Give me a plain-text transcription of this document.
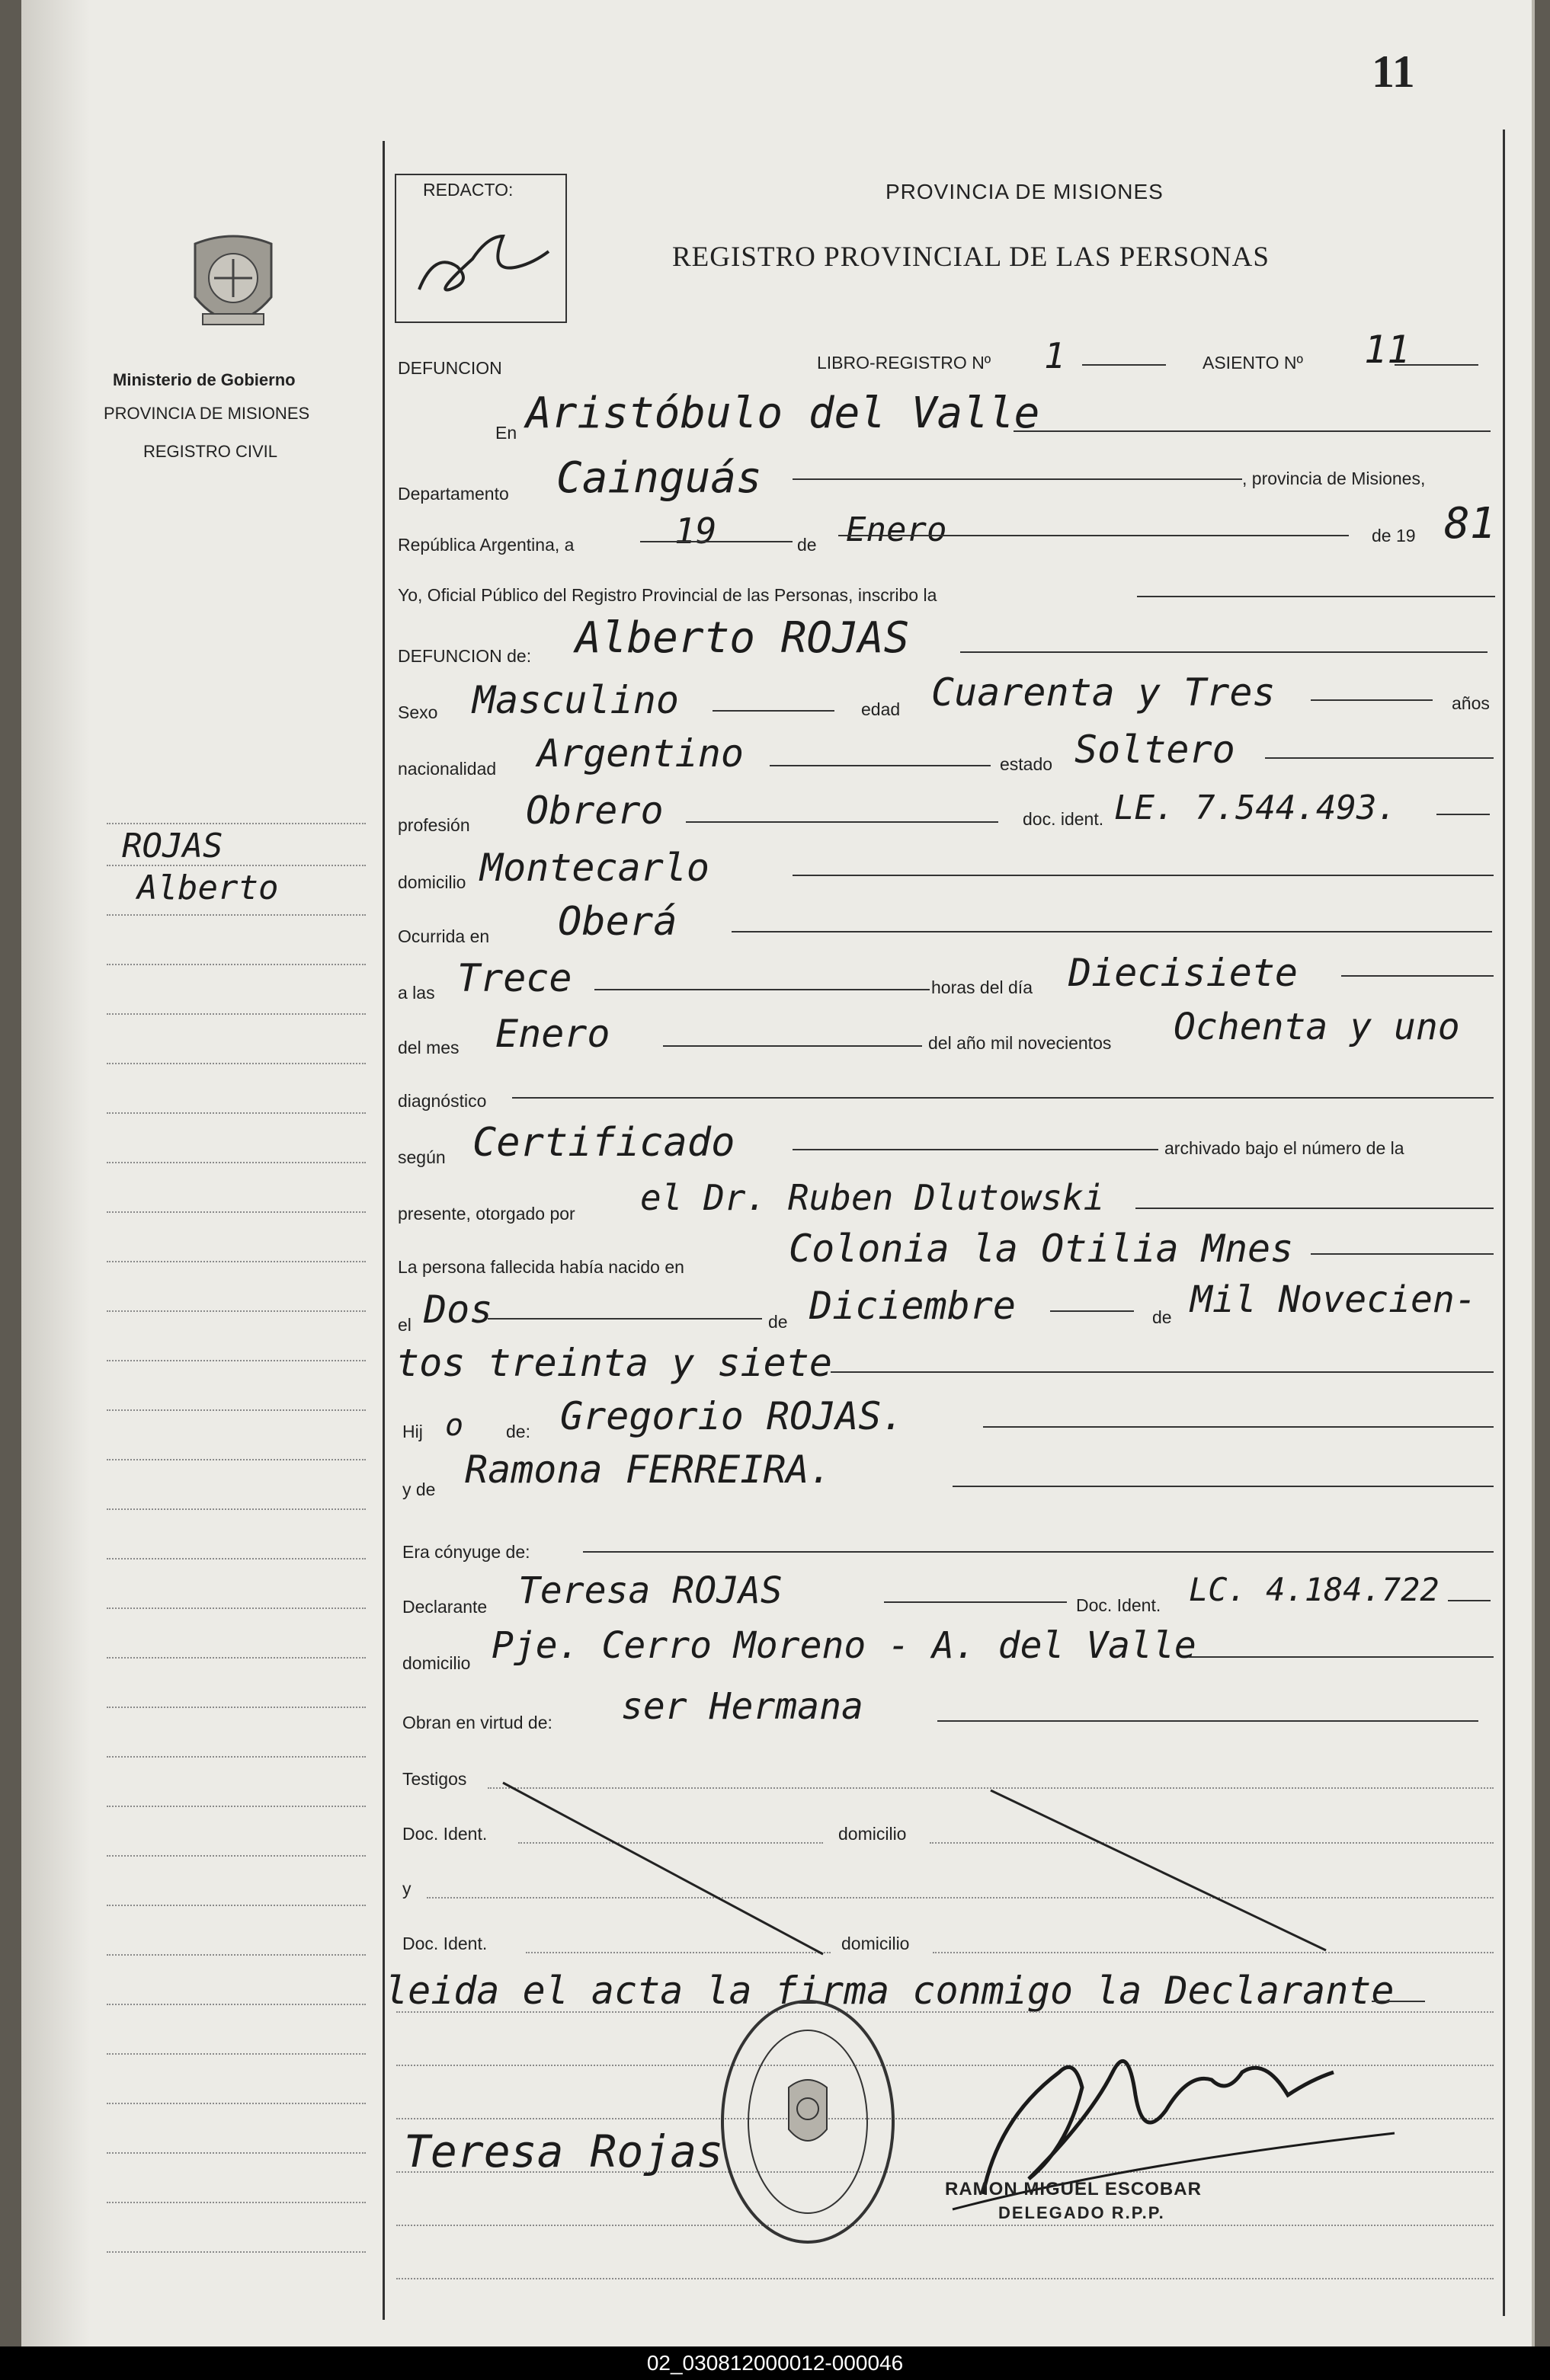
11
Ministerio de Gobierno
PROVINCIA DE MISIONES
REGISTRO CIVIL
ROJAS
Alberto
REDACTO:	PROVINCIA DE MISIONES
REGISTRO PROVINCIAL DE LAS PERSONAS
DEFUNCION	LIBRO-REGISTRO Nº 1	ASIENTO Nº 11
En Aristóbulo del Valle
Departamento Cainguás	, provincia de Misiones,
República Argentina, a	19	de Enero	de 19 81
Yo, Oficial Público del Registro Provincial de las Personas, inscribo la
DEFUNCION de: Alberto ROJAS
Sexo Masculino	edad Cuarenta y Tres	años
nacionalidad Argentino	estado Soltero
profesión Obrero	doc. ident. LE. 7.544.493.
domicilio Montecarlo
Ocurrida en Oberá
a las Trece	horas del día Diecisiete
del mes Enero	del año mil novecientos Ochenta y uno
diagnóstico
según Certificado	archivado bajo el número de la
presente, otorgado por el Dr. Ruben Dlutowski
La persona fallecida había nacido en	Colonia la Otilia Mnes
el Dos	de Diciembre	de Mil Novecien-
tos treinta y siete
Hij o de: Gregorio ROJAS.
y de Ramona FERREIRA.
Era cónyuge de:
Declarante Teresa ROJAS	Doc. Ident. LC. 4.184.722
domicilio Pje. Cerro Moreno - A. del Valle
Obran en virtud de: ser Hermana
Testigos
Doc. Ident.	domicilio
y
Doc. Ident.	domicilio
leida el acta la firma conmigo la Declarante
Teresa Rojas
RAMON MIGUEL ESCOBAR
DELEGADO R.P.P.
02_030812000012-000046
